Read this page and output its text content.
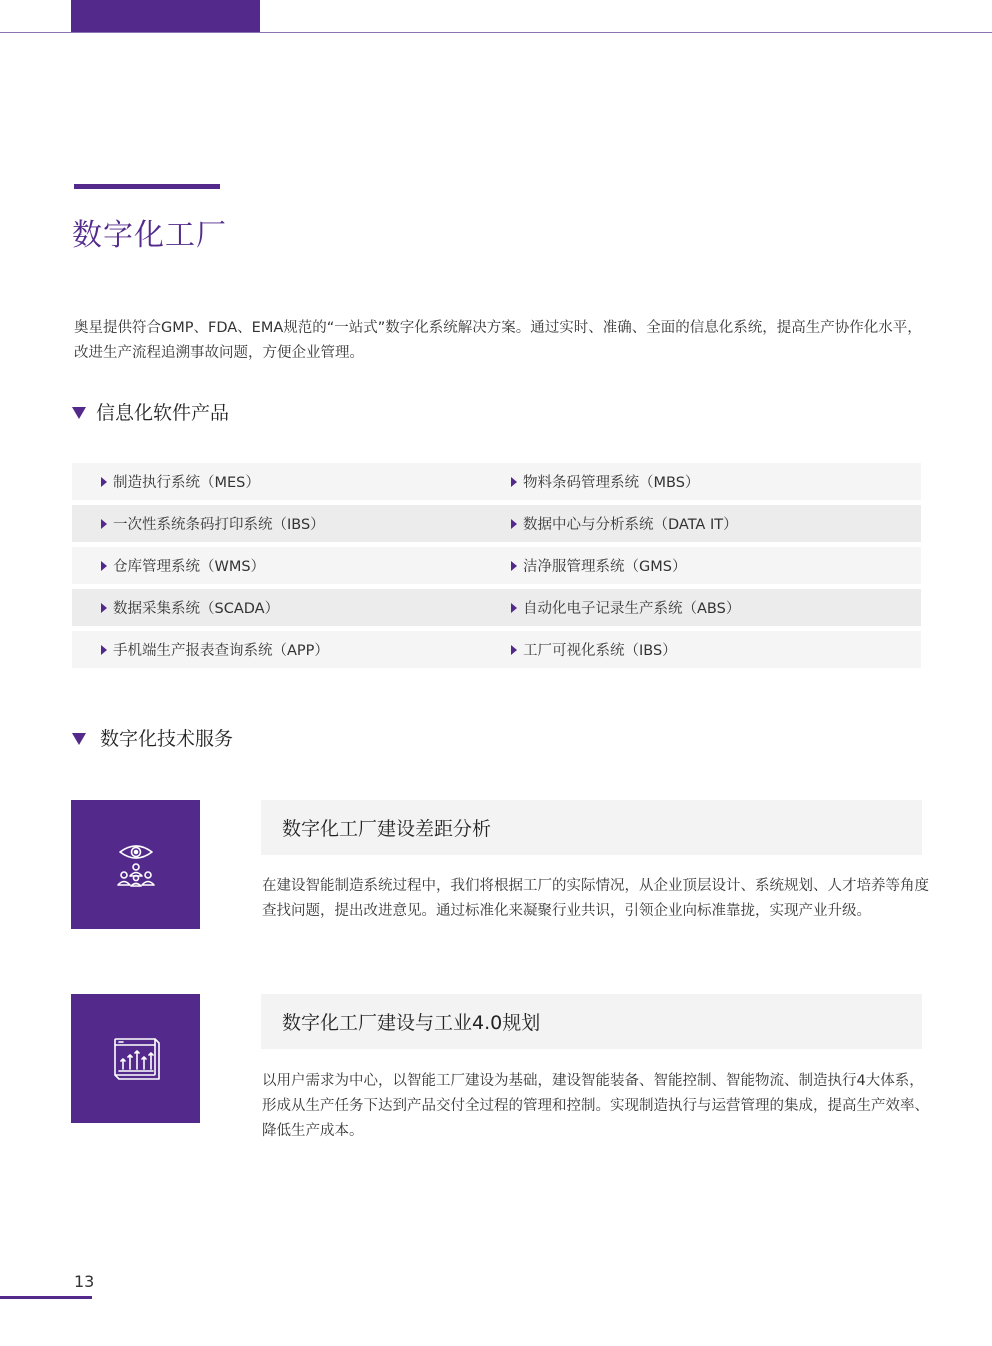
数字化工厂

奥星提供符合GMP、FDA、EMA规范的“一站式”数字化系统解决方案。通过实时、准确、全面的信息化系统，提高生产协作化水平，改进生产流程追溯事故问题，方便企业管理。

信息化软件产品
制造执行系统（MES）	物料条码管理系统（MBS）
一次性系统条码打印系统（IBS）	数据中心与分析系统（DATA IT）
仓库管理系统（WMS）	洁净服管理系统（GMS）
数据采集系统（SCADA）	自动化电子记录生产系统（ABS）
手机端生产报表查询系统（APP）	工厂可视化系统（IBS）
数字化技术服务
数字化工厂建设差距分析

在建设智能制造系统过程中，我们将根据工厂的实际情况，从企业顶层设计、系统规划、人才培养等角度查找问题，提出改进意见。通过标准化来凝聚行业共识，引领企业向标准靠拢，实现产业升级。

数字化工厂建设与工业4.0规划

以用户需求为中心，以智能工厂建设为基础，建设智能装备、智能控制、智能物流、制造执行4大体系，形成从生产任务下达到产品交付全过程的管理和控制。实现制造执行与运营管理的集成，提高生产效率、降低生产成本。

13
